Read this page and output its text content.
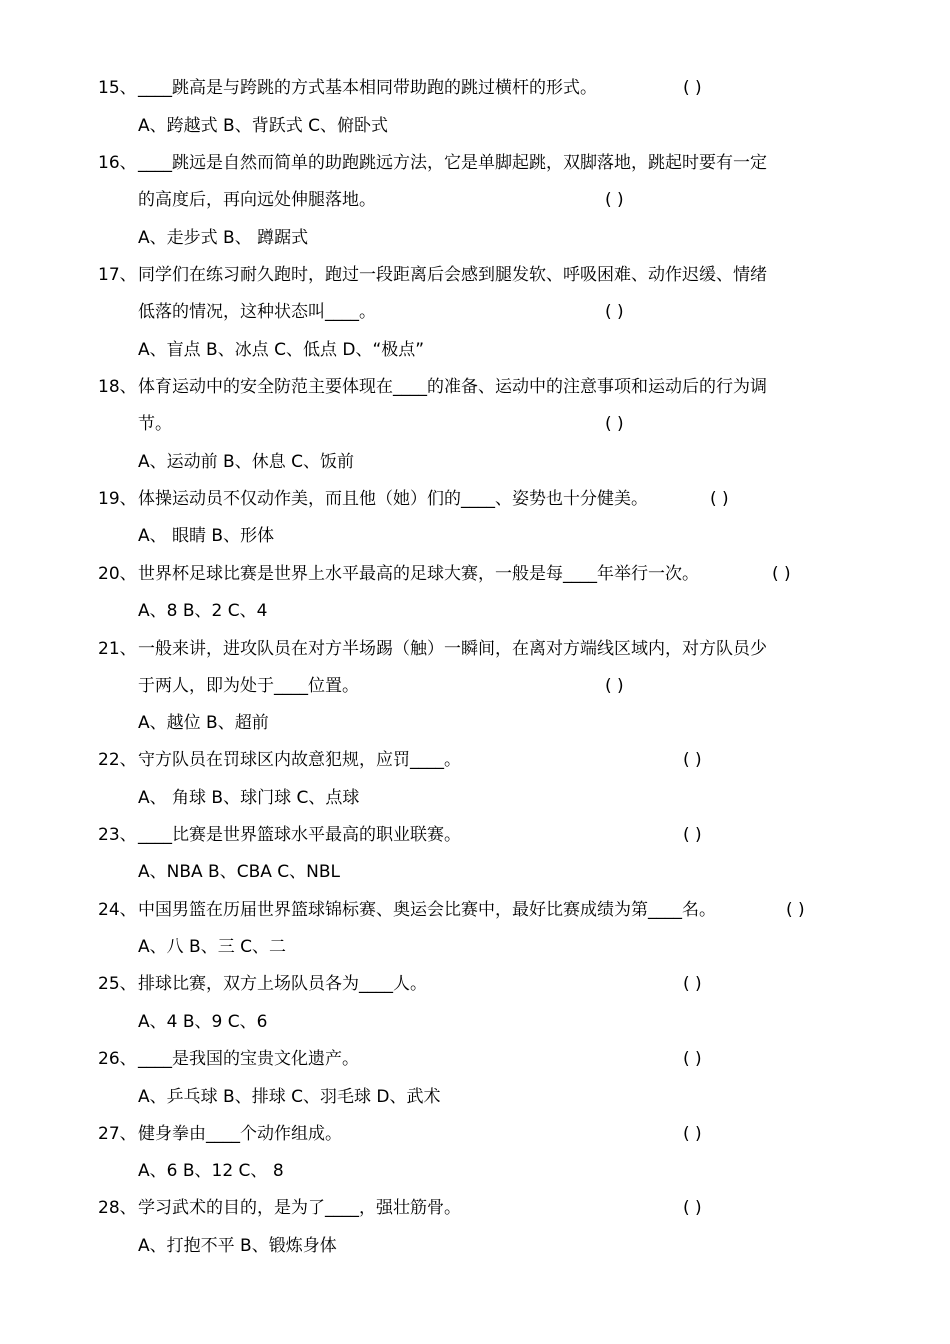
15、 ____跳高是与跨跳的方式基本相同带助跑的跳过横杆的形式。	( )
A、跨越式 B、背跃式 C、俯卧式
16、 ____跳远是自然而简单的助跑跳远方法，它是单脚起跳，双脚落地，跳起时要有一定
的高度后，再向远处伸腿落地。	( )
A、走步式 B、 蹲踞式
17、 同学们在练习耐久跑时，跑过一段距离后会感到腿发软、呼吸困难、动作迟缓、情绪
低落的情况，这种状态叫____。	( )
A、盲点 B、冰点 C、低点 D、“极点”
18、 体育运动中的安全防范主要体现在____的准备、运动中的注意事项和运动后的行为调
节。	( )
A、运动前 B、休息 C、饭前
19、 体操运动员不仅动作美，而且他（她）们的____、姿势也十分健美。	( )
A、 眼睛 B、形体
20、 世界杯足球比赛是世界上水平最高的足球大赛，一般是每____年举行一次。	( )
A、8 B、2 C、4
21、 一般来讲，进攻队员在对方半场踢（触）一瞬间，在离对方端线区域内，对方队员少
于两人，即为处于____位置。	( )
A、越位 B、超前
22、 守方队员在罚球区内故意犯规，应罚____。	( )
A、 角球 B、球门球 C、点球
23、 ____比赛是世界篮球水平最高的职业联赛。	( )
A、NBA B、CBA C、NBL
24、 中国男篮在历届世界篮球锦标赛、奥运会比赛中，最好比赛成绩为第____名。	( )
A、八 B、三 C、二
25、 排球比赛，双方上场队员各为____人。	( )
A、4 B、9 C、6
26、 ____是我国的宝贵文化遗产。	( )
A、乒乓球 B、排球 C、羽毛球 D、武术
27、 健身拳由____个动作组成。	( )
A、6 B、12 C、 8
28、 学习武术的目的，是为了____，强壮筋骨。	( )
A、打抱不平 B、锻炼身体
